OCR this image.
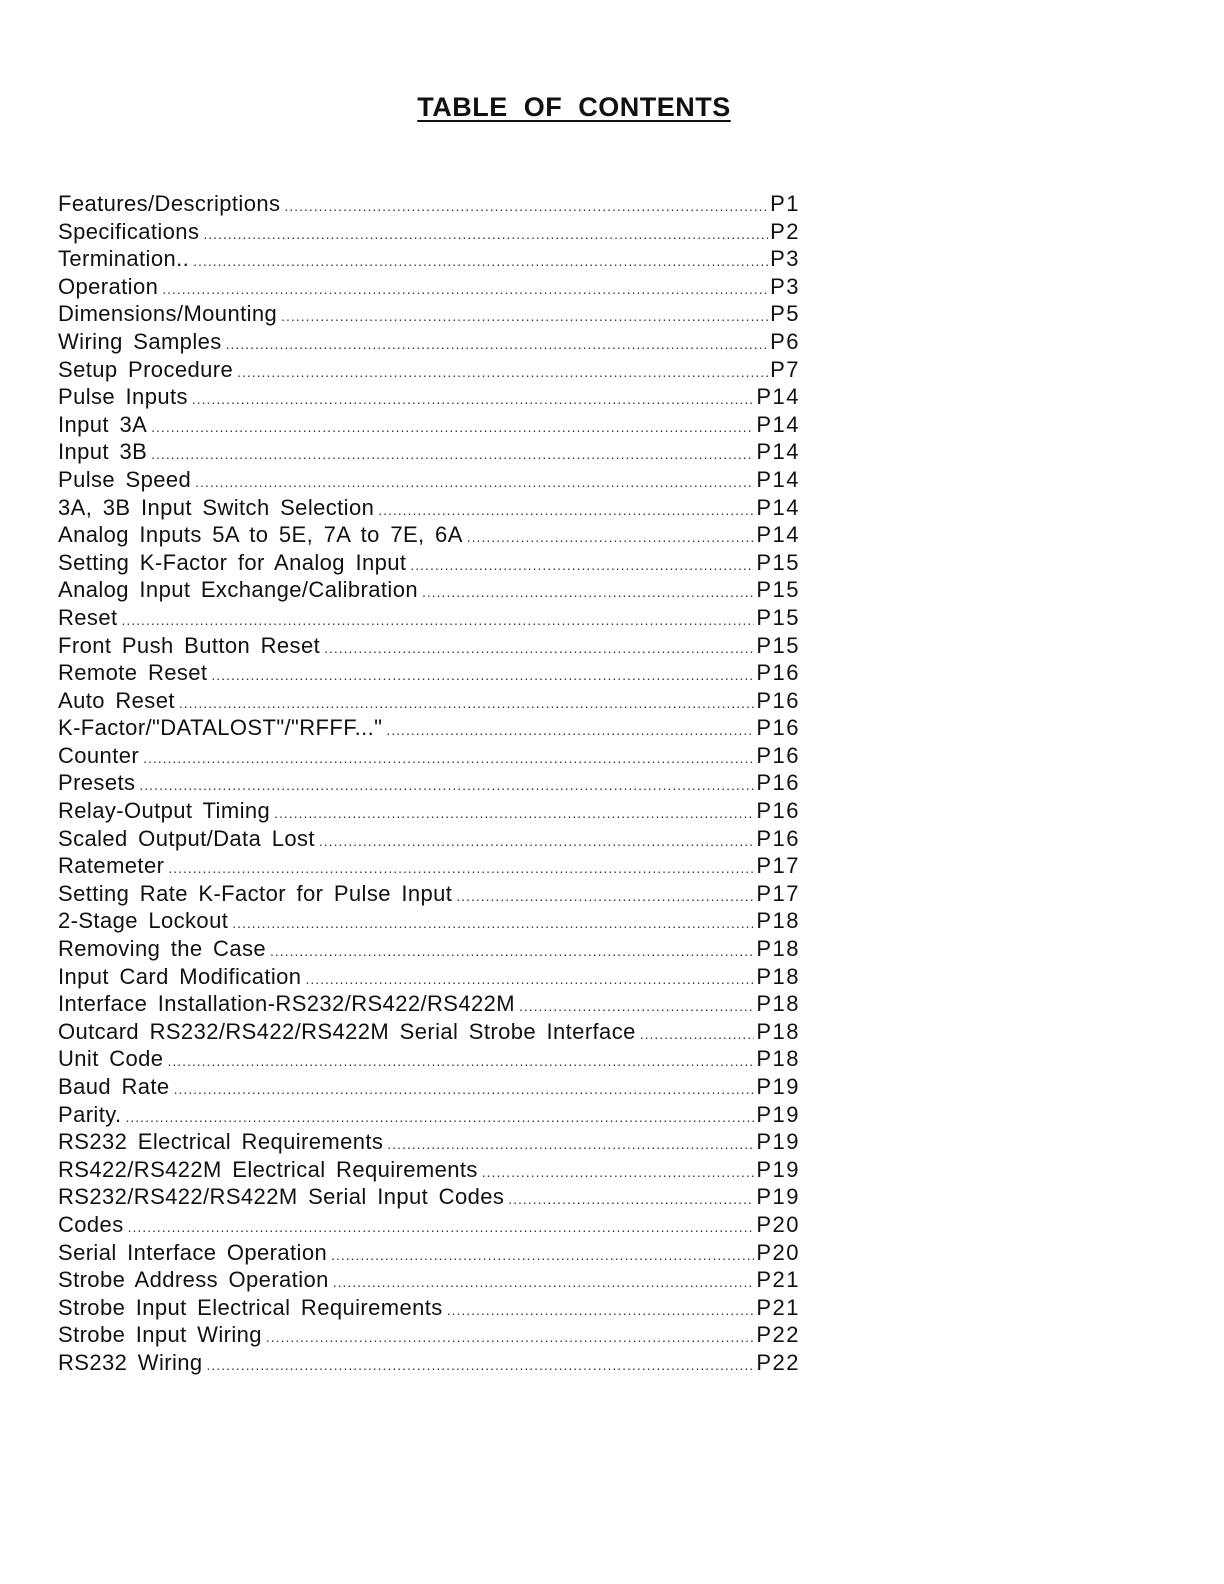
TABLE OF CONTENTS
Features/Descriptions .....	P1
Specifications .....	P2
Termination.. .....	P3
Operation .....	P3
Dimensions/Mounting .....	P5
Wiring Samples .....	P6
Setup Procedure .....	P7
Pulse Inputs .....	P14
Input 3A .....	P14
Input 3B .....	P14
Pulse Speed .....	P14
3A, 3B Input Switch Selection .....	P14
Analog Inputs 5A to 5E, 7A to 7E, 6A .....	P14
Setting K-Factor for Analog Input .....	P15
Analog Input Exchange/Calibration .....	P15
Reset .....	P15
Front Push Button Reset .....	P15
Remote Reset .....	P16
Auto Reset .....	P16
K-Factor/"DATALOST"/"RFFF..." .....	P16
Counter .....	P16
Presets .....	P16
Relay-Output Timing .....	P16
Scaled Output/Data Lost .....	P16
Ratemeter .....	P17
Setting Rate K-Factor for Pulse Input .....	P17
2-Stage Lockout .....	P18
Removing the Case .....	P18
Input Card Modification .....	P18
Interface Installation-RS232/RS422/RS422M .....	P18
Outcard RS232/RS422/RS422M Serial Strobe Interface .....	P18
Unit Code .....	P18
Baud Rate .....	P19
Parity. .....	P19
RS232 Electrical Requirements .....	P19
RS422/RS422M Electrical Requirements .....	P19
RS232/RS422/RS422M Serial Input Codes .....	P19
Codes .....	P20
Serial Interface Operation .....	P20
Strobe Address Operation .....	P21
Strobe Input Electrical Requirements .....	P21
Strobe Input Wiring .....	P22
RS232 Wiring .....	P22
